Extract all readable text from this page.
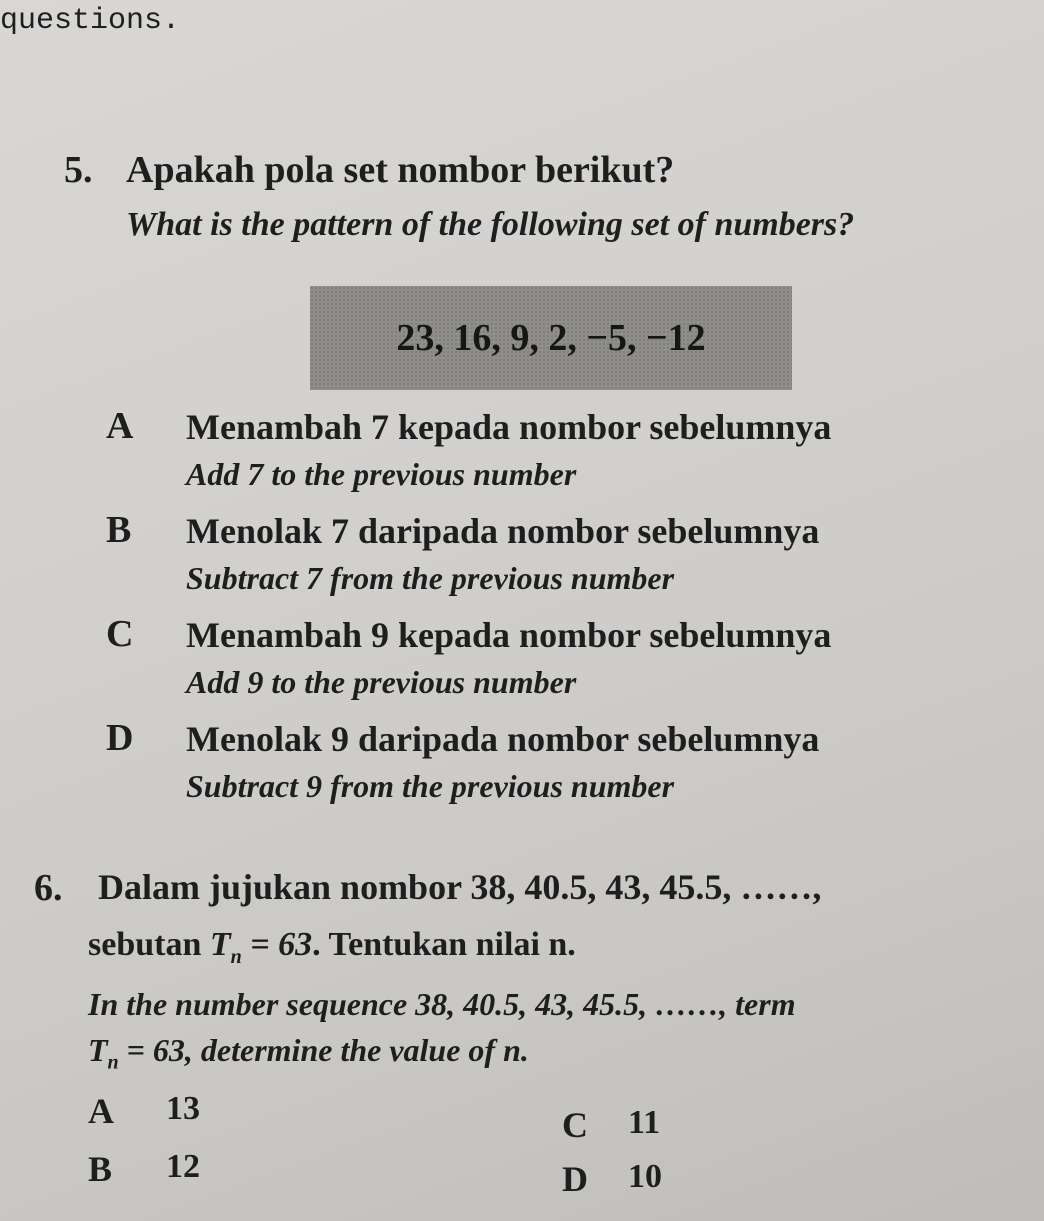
questions.
5. Apakah pola set nombor berikut?
What is the pattern of the following set of numbers?
23, 16, 9, 2, −5, −12
A Menambah 7 kepada nombor sebelumnya
Add 7 to the previous number
B Menolak 7 daripada nombor sebelumnya
Subtract 7 from the previous number
C Menambah 9 kepada nombor sebelumnya
Add 9 to the previous number
D Menolak 9 daripada nombor sebelumnya
Subtract 9 from the previous number
6. Dalam jujukan nombor 38, 40.5, 43, 45.5, ……,
sebutan $T_n = 63$. Tentukan nilai n.
In the number sequence 38, 40.5, 43, 45.5, ……, term
$T_n = 63$, determine the value of n.
A 13
B 12
C 11
D 10
